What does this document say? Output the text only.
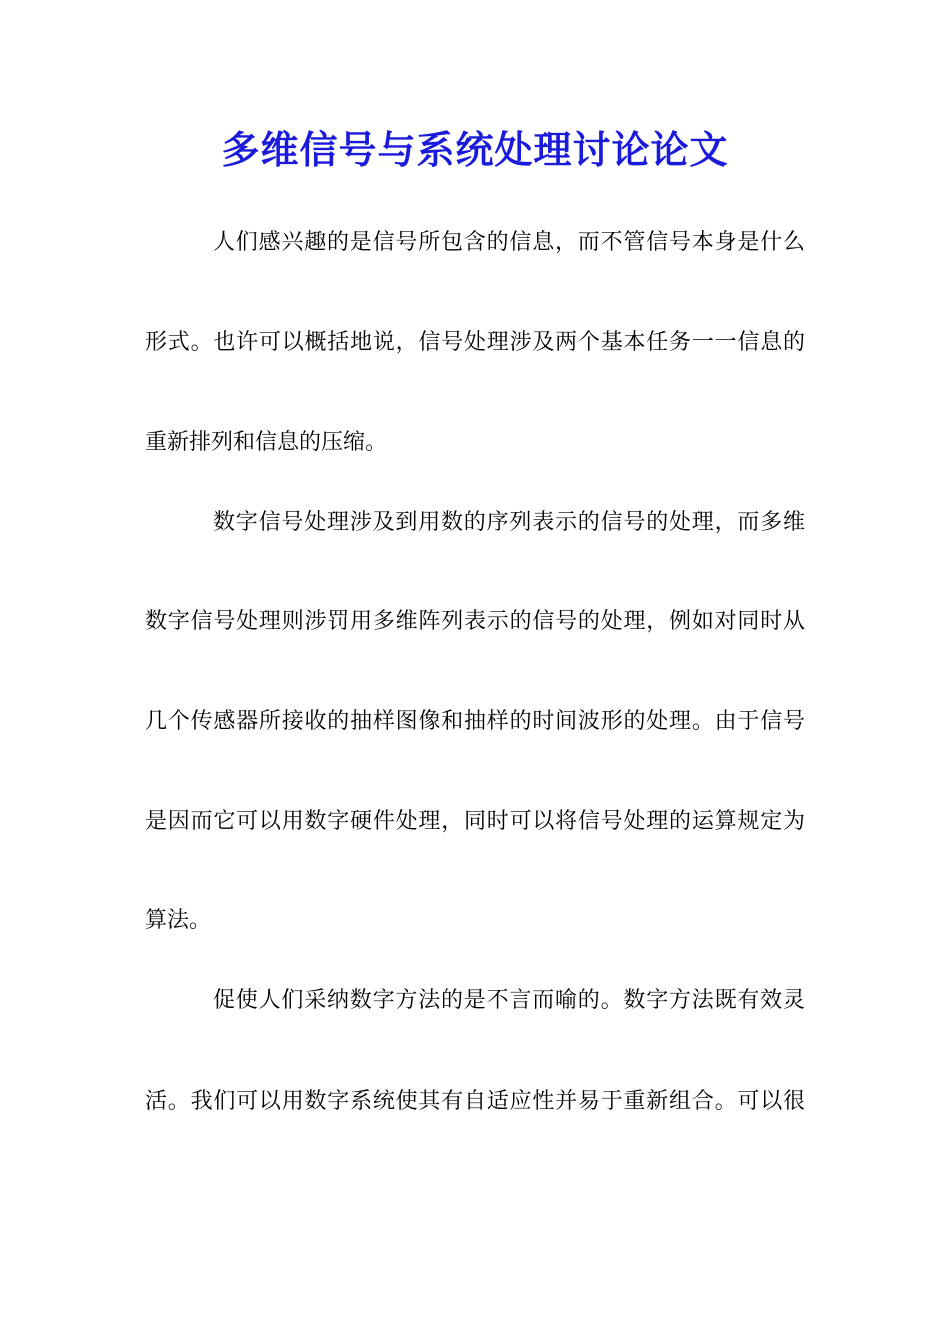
多维信号与系统处理讨论论文

人们感兴趣的是信号所包含的信息，而不管信号本身是什么

形式。也许可以概括地说，信号处理涉及两个基本任务一一信息的

重新排列和信息的压缩。

数字信号处理涉及到用数的序列表示的信号的处理，而多维

数字信号处理则涉罚用多维阵列表示的信号的处理，例如对同时从

几个传感器所接收的抽样图像和抽样的时间波形的处理。由于信号

是因而它可以用数字硬件处理，同时可以将信号处理的运算规定为

算法。

促使人们采纳数字方法的是不言而喻的。数字方法既有效灵

活。我们可以用数字系统使其有自适应性并易于重新组合。可以很
